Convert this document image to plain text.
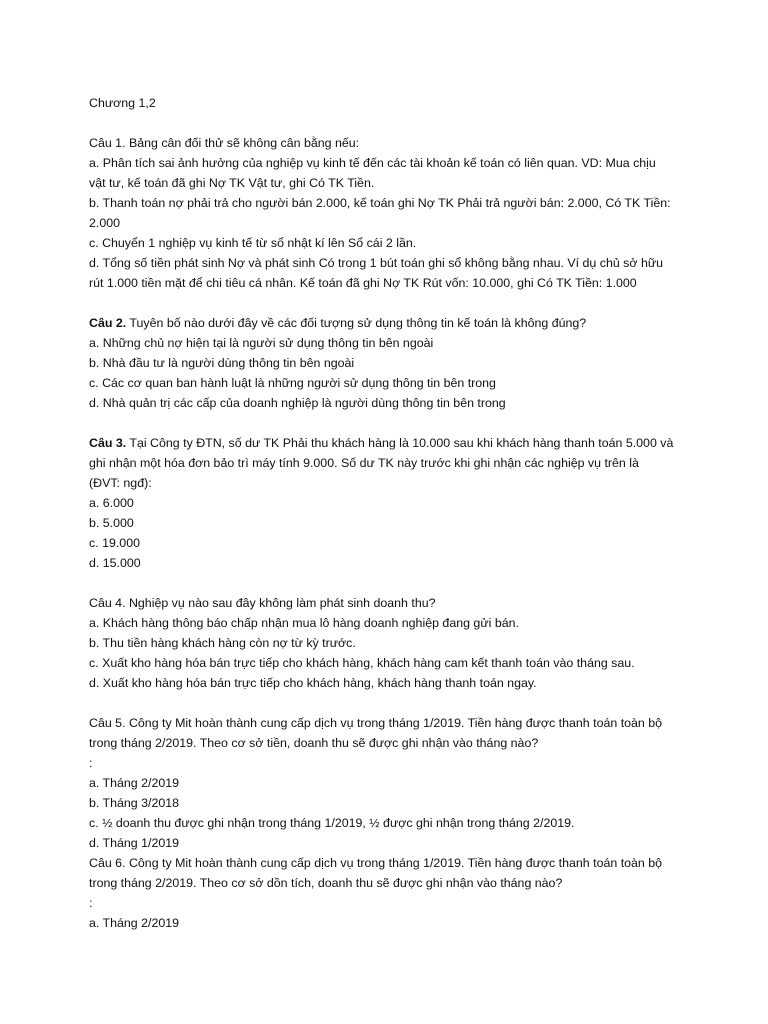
Chương 1,2

Câu 1. Bảng cân đối thử sẽ không cân bằng nếu:

a. Phân tích sai ảnh hưởng của nghiệp vụ kinh tế đến các tài khoản kế toán có liên quan. VD: Mua chịu

vật tư, kế toán đã ghi Nợ TK Vật tư, ghi Có TK Tiền.

b. Thanh toán nợ phải trả cho người bán 2.000, kế toán ghi Nợ TK Phải trả người bán: 2.000, Có TK Tiền:

2.000

c. Chuyển 1 nghiệp vụ kinh tế từ sổ nhật kí lên Sổ cái 2 lần.

d. Tổng số tiền phát sinh Nợ và phát sinh Có trong 1 bút toán ghi sổ không bằng nhau. Ví dụ chủ sở hữu

rút 1.000 tiền mặt để chi tiêu cá nhân. Kế toán đã ghi Nợ TK Rút vốn: 10.000, ghi Có TK Tiền: 1.000

Câu 2. Tuyên bố nào dưới đây về các đối tượng sử dụng thông tin kế toán là không đúng?

a. Những chủ nợ hiện tại là người sử dụng thông tin bên ngoài

b. Nhà đầu tư là người dùng thông tin bên ngoài

c. Các cơ quan ban hành luật là những người sử dụng thông tin bên trong

d. Nhà quản trị các cấp của doanh nghiệp là người dùng thông tin bên trong

Câu 3. Tại Công ty ĐTN, số dư TK Phải thu khách hàng là 10.000 sau khi khách hàng thanh toán 5.000 và

ghi nhận một hóa đơn bảo trì máy tính 9.000. Số dư TK này trước khi ghi nhận các nghiệp vụ trên là

(ĐVT: ngđ):

a. 6.000

b. 5.000

c. 19.000

d. 15.000

Câu 4. Nghiệp vụ nào sau đây không làm phát sinh doanh thu?

a. Khách hàng thông báo chấp nhận mua lô hàng doanh nghiệp đang gửi bán.

b. Thu tiền hàng khách hàng còn nợ từ kỳ trước.

c. Xuất kho hàng hóa bán trực tiếp cho khách hàng, khách hàng cam kết thanh toán vào tháng sau.

d. Xuất kho hàng hóa bán trực tiếp cho khách hàng, khách hàng thanh toán ngay.

Câu 5. Công ty Mit hoàn thành cung cấp dịch vụ trong tháng 1/2019. Tiền hàng được thanh toán toàn bộ

trong tháng 2/2019. Theo cơ sở tiền, doanh thu sẽ được ghi nhận vào tháng nào?

:

a. Tháng 2/2019

b. Tháng 3/2018

c. ½ doanh thu được ghi nhận trong tháng 1/2019, ½ được ghi nhận trong tháng 2/2019.

d. Tháng 1/2019

Câu 6. Công ty Mit hoàn thành cung cấp dịch vụ trong tháng 1/2019. Tiền hàng được thanh toán toàn bộ

trong tháng 2/2019. Theo cơ sở dồn tích, doanh thu sẽ được ghi nhận vào tháng nào?

:

a. Tháng 2/2019
